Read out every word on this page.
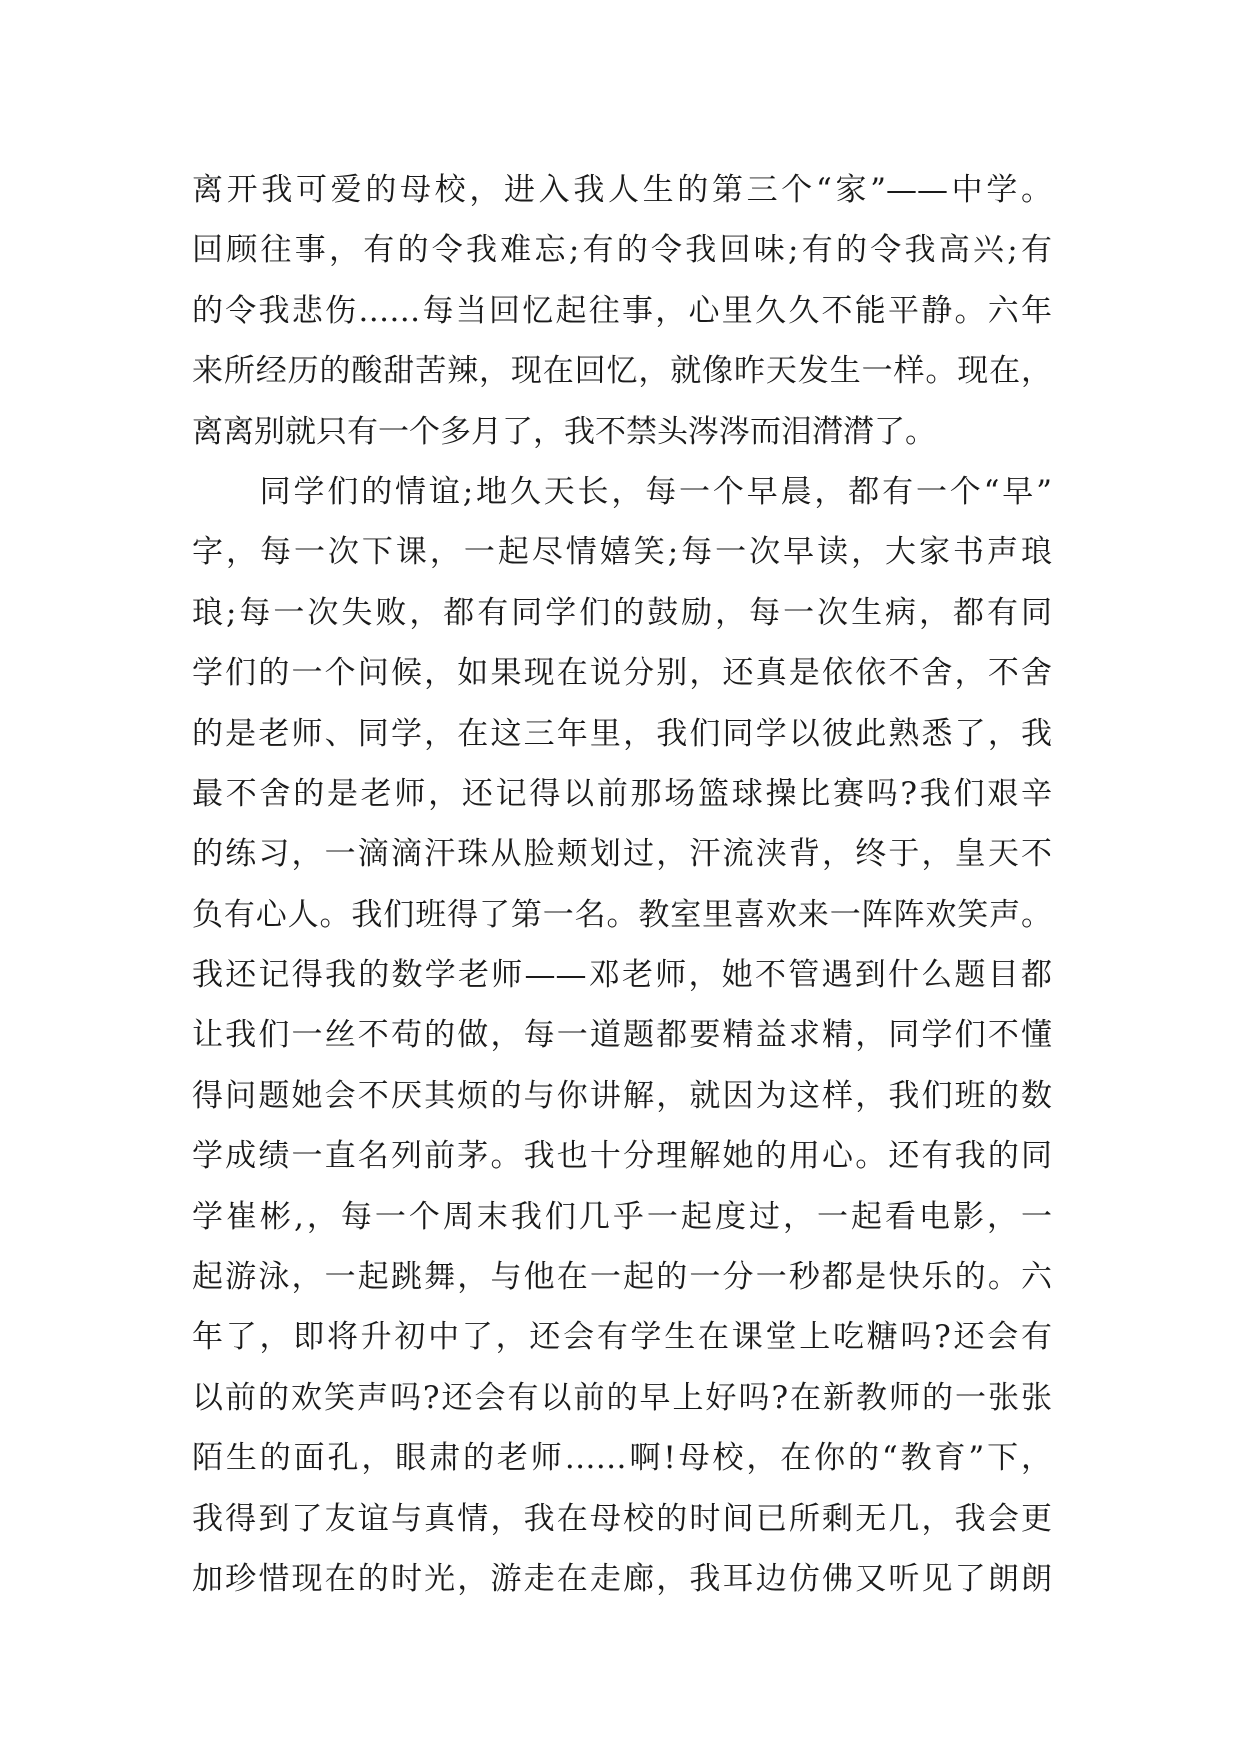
离开我可爱的母校，进入我人生的第三个“家”——中学。
回顾往事，有的令我难忘;有的令我回味;有的令我高兴;有
的令我悲伤……每当回忆起往事，心里久久不能平静。六年
来所经历的酸甜苦辣，现在回忆，就像昨天发生一样。现在，
离离别就只有一个多月了，我不禁头涔涔而泪潸潸了。
　　同学们的情谊;地久天长，每一个早晨，都有一个“早”
字，每一次下课，一起尽情嬉笑;每一次早读，大家书声琅
琅;每一次失败，都有同学们的鼓励，每一次生病，都有同
学们的一个问候，如果现在说分别，还真是依依不舍，不舍
的是老师、同学，在这三年里，我们同学以彼此熟悉了，我
最不舍的是老师，还记得以前那场篮球操比赛吗?我们艰辛
的练习，一滴滴汗珠从脸颊划过，汗流浃背，终于，皇天不
负有心人。我们班得了第一名。教室里喜欢来一阵阵欢笑声。
我还记得我的数学老师——邓老师，她不管遇到什么题目都
让我们一丝不苟的做，每一道题都要精益求精，同学们不懂
得问题她会不厌其烦的与你讲解，就因为这样，我们班的数
学成绩一直名列前茅。我也十分理解她的用心。还有我的同
学崔彬,，每一个周末我们几乎一起度过，一起看电影，一
起游泳，一起跳舞，与他在一起的一分一秒都是快乐的。六
年了，即将升初中了，还会有学生在课堂上吃糖吗?还会有
以前的欢笑声吗?还会有以前的早上好吗?在新教师的一张张
陌生的面孔，眼肃的老师……啊!母校，在你的“教育”下，
我得到了友谊与真情，我在母校的时间已所剩无几，我会更
加珍惜现在的时光，游走在走廊，我耳边仿佛又听见了朗朗
